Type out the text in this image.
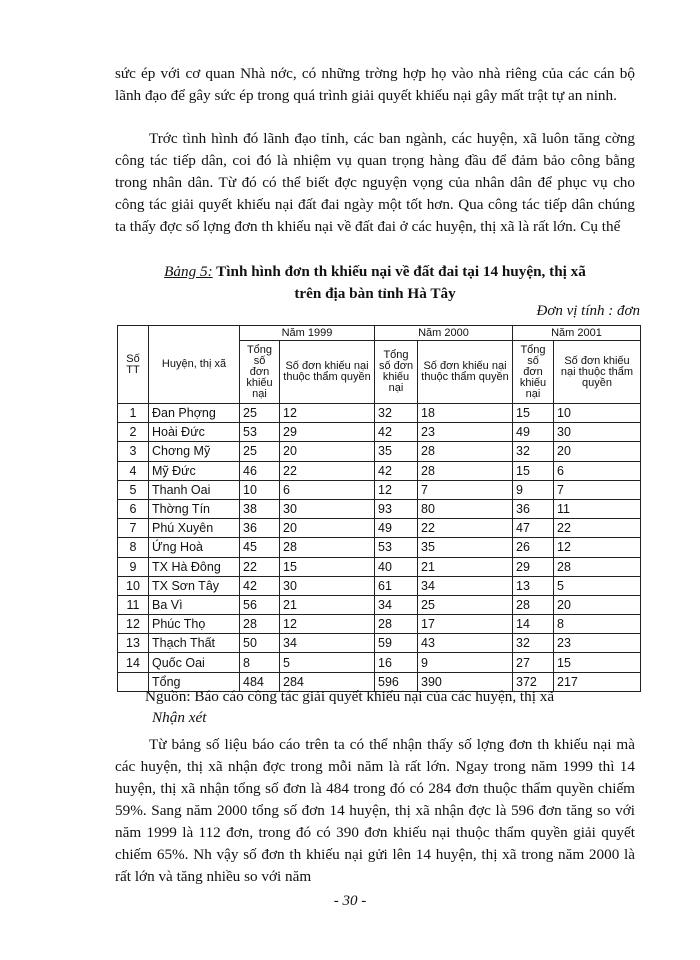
sức ép với cơ quan Nhà nớc, có những trờng hợp họ vào nhà riêng của các cán bộ lãnh đạo để gây sức ép trong quá trình giải quyết khiếu nại gây mất trật tự an ninh.

Trớc tình hình đó lãnh đạo tỉnh, các ban ngành, các huyện, xã luôn tăng cờng công tác tiếp dân, coi đó là nhiệm vụ quan trọng hàng đầu để đảm bảo công bằng trong nhân dân. Từ đó có thể biết đợc nguyện vọng của nhân dân để phục vụ cho công tác giải quyết khiếu nại đất đai ngày một tốt hơn. Qua công tác tiếp dân chúng ta thấy đợc số lợng đơn th khiếu nại về đất đai ở các huyện, thị xã là rất lớn. Cụ thể

Bảng 5: Tình hình đơn th khiếu nại về đất đai tại 14 huyện, thị xã
trên địa bàn tỉnh Hà Tây
Đơn vị tính : đơn
Số TT	Huyện, thị xã	Năm 1999		Năm 2000		Năm 2001	
		Tổng số đơn khiếu nại	Số đơn khiếu nại thuộc thẩm quyền	Tổng số đơn khiếu nại	Số đơn khiếu nại thuộc thẩm quyền	Tổng số đơn khiếu nại	Số đơn khiếu nại thuộc thẩm quyền
1	Đan Phợng	25	12	32	18	15	10
2	Hoài Đức	53	29	42	23	49	30
3	Chơng Mỹ	25	20	35	28	32	20
4	Mỹ Đức	46	22	42	28	15	6
5	Thanh Oai	10	6	12	7	9	7
6	Thờng Tín	38	30	93	80	36	11
7	Phú Xuyên	36	20	49	22	47	22
8	Ứng Hoà	45	28	53	35	26	12
9	TX Hà Đông	22	15	40	21	29	28
10	TX Sơn Tây	42	30	61	34	13	5
11	Ba Vì	56	21	34	25	28	20
12	Phúc Thọ	28	12	28	17	14	8
13	Thạch Thất	50	34	59	43	32	23
14	Quốc Oai	8	5	16	9	27	15
	Tổng	484	284	596	390	372	217
Nguồn: Báo cáo công tác giải quyết khiếu nại của các huyện, thị xã
Nhận xét

Từ bảng số liệu báo cáo trên ta có thể nhận thấy số lợng đơn th khiếu nại mà các huyện, thị xã nhận đợc trong mỗi năm là rất lớn. Ngay trong năm 1999 thì 14 huyện, thị xã nhận tổng số đơn là 484 trong đó có 284 đơn thuộc thẩm quyền chiếm 59%. Sang năm 2000 tổng số đơn 14 huyện, thị xã nhận đợc là 596 đơn tăng so với năm 1999 là 112 đơn, trong đó có 390 đơn khiếu nại thuộc thẩm quyền giải quyết chiếm 65%. Nh vậy số đơn th khiếu nại gửi lên 14 huyện, thị xã trong năm 2000 là rất lớn và tăng nhiều so với năm

- 30 -
